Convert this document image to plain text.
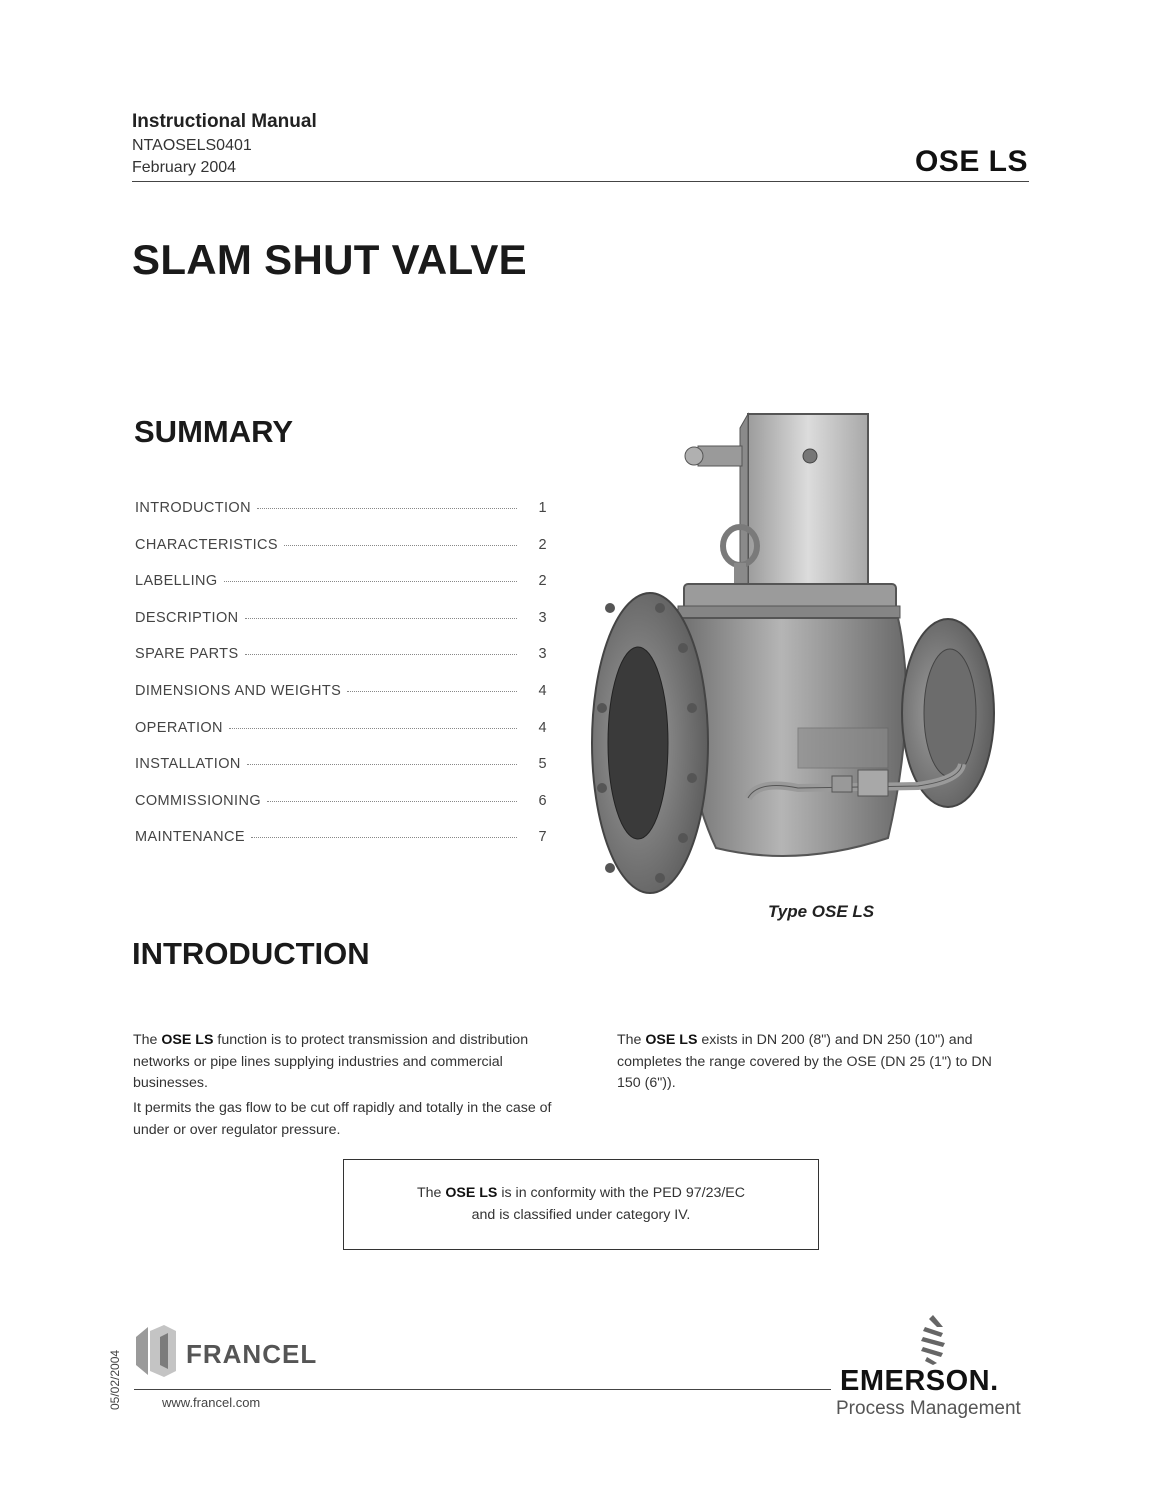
Instructional Manual
NTAOSELS0401
February 2004	OSE LS
SLAM SHUT VALVE
SUMMARY
INTRODUCTION	1
CHARACTERISTICS	2
LABELLING	2
DESCRIPTION	3
SPARE PARTS	3
DIMENSIONS AND WEIGHTS	4
OPERATION	4
INSTALLATION	5
COMMISSIONING	6
MAINTENANCE	7
Type OSE LS
INTRODUCTION
The OSE LS function is to protect transmission and distribution networks or pipe lines supplying industries and commercial businesses.
It permits the gas flow to be cut off rapidly and totally in the case of under or over regulator pressure.
The OSE LS exists in DN 200 (8") and DN 250 (10") and completes the range covered by the OSE (DN 25 (1") to DN 150 (6")).
The OSE LS is in conformity with the PED 97/23/EC
and is classified under category IV.
05/02/2004 FRANCEL
www.francel.com
EMERSON.
Process Management
